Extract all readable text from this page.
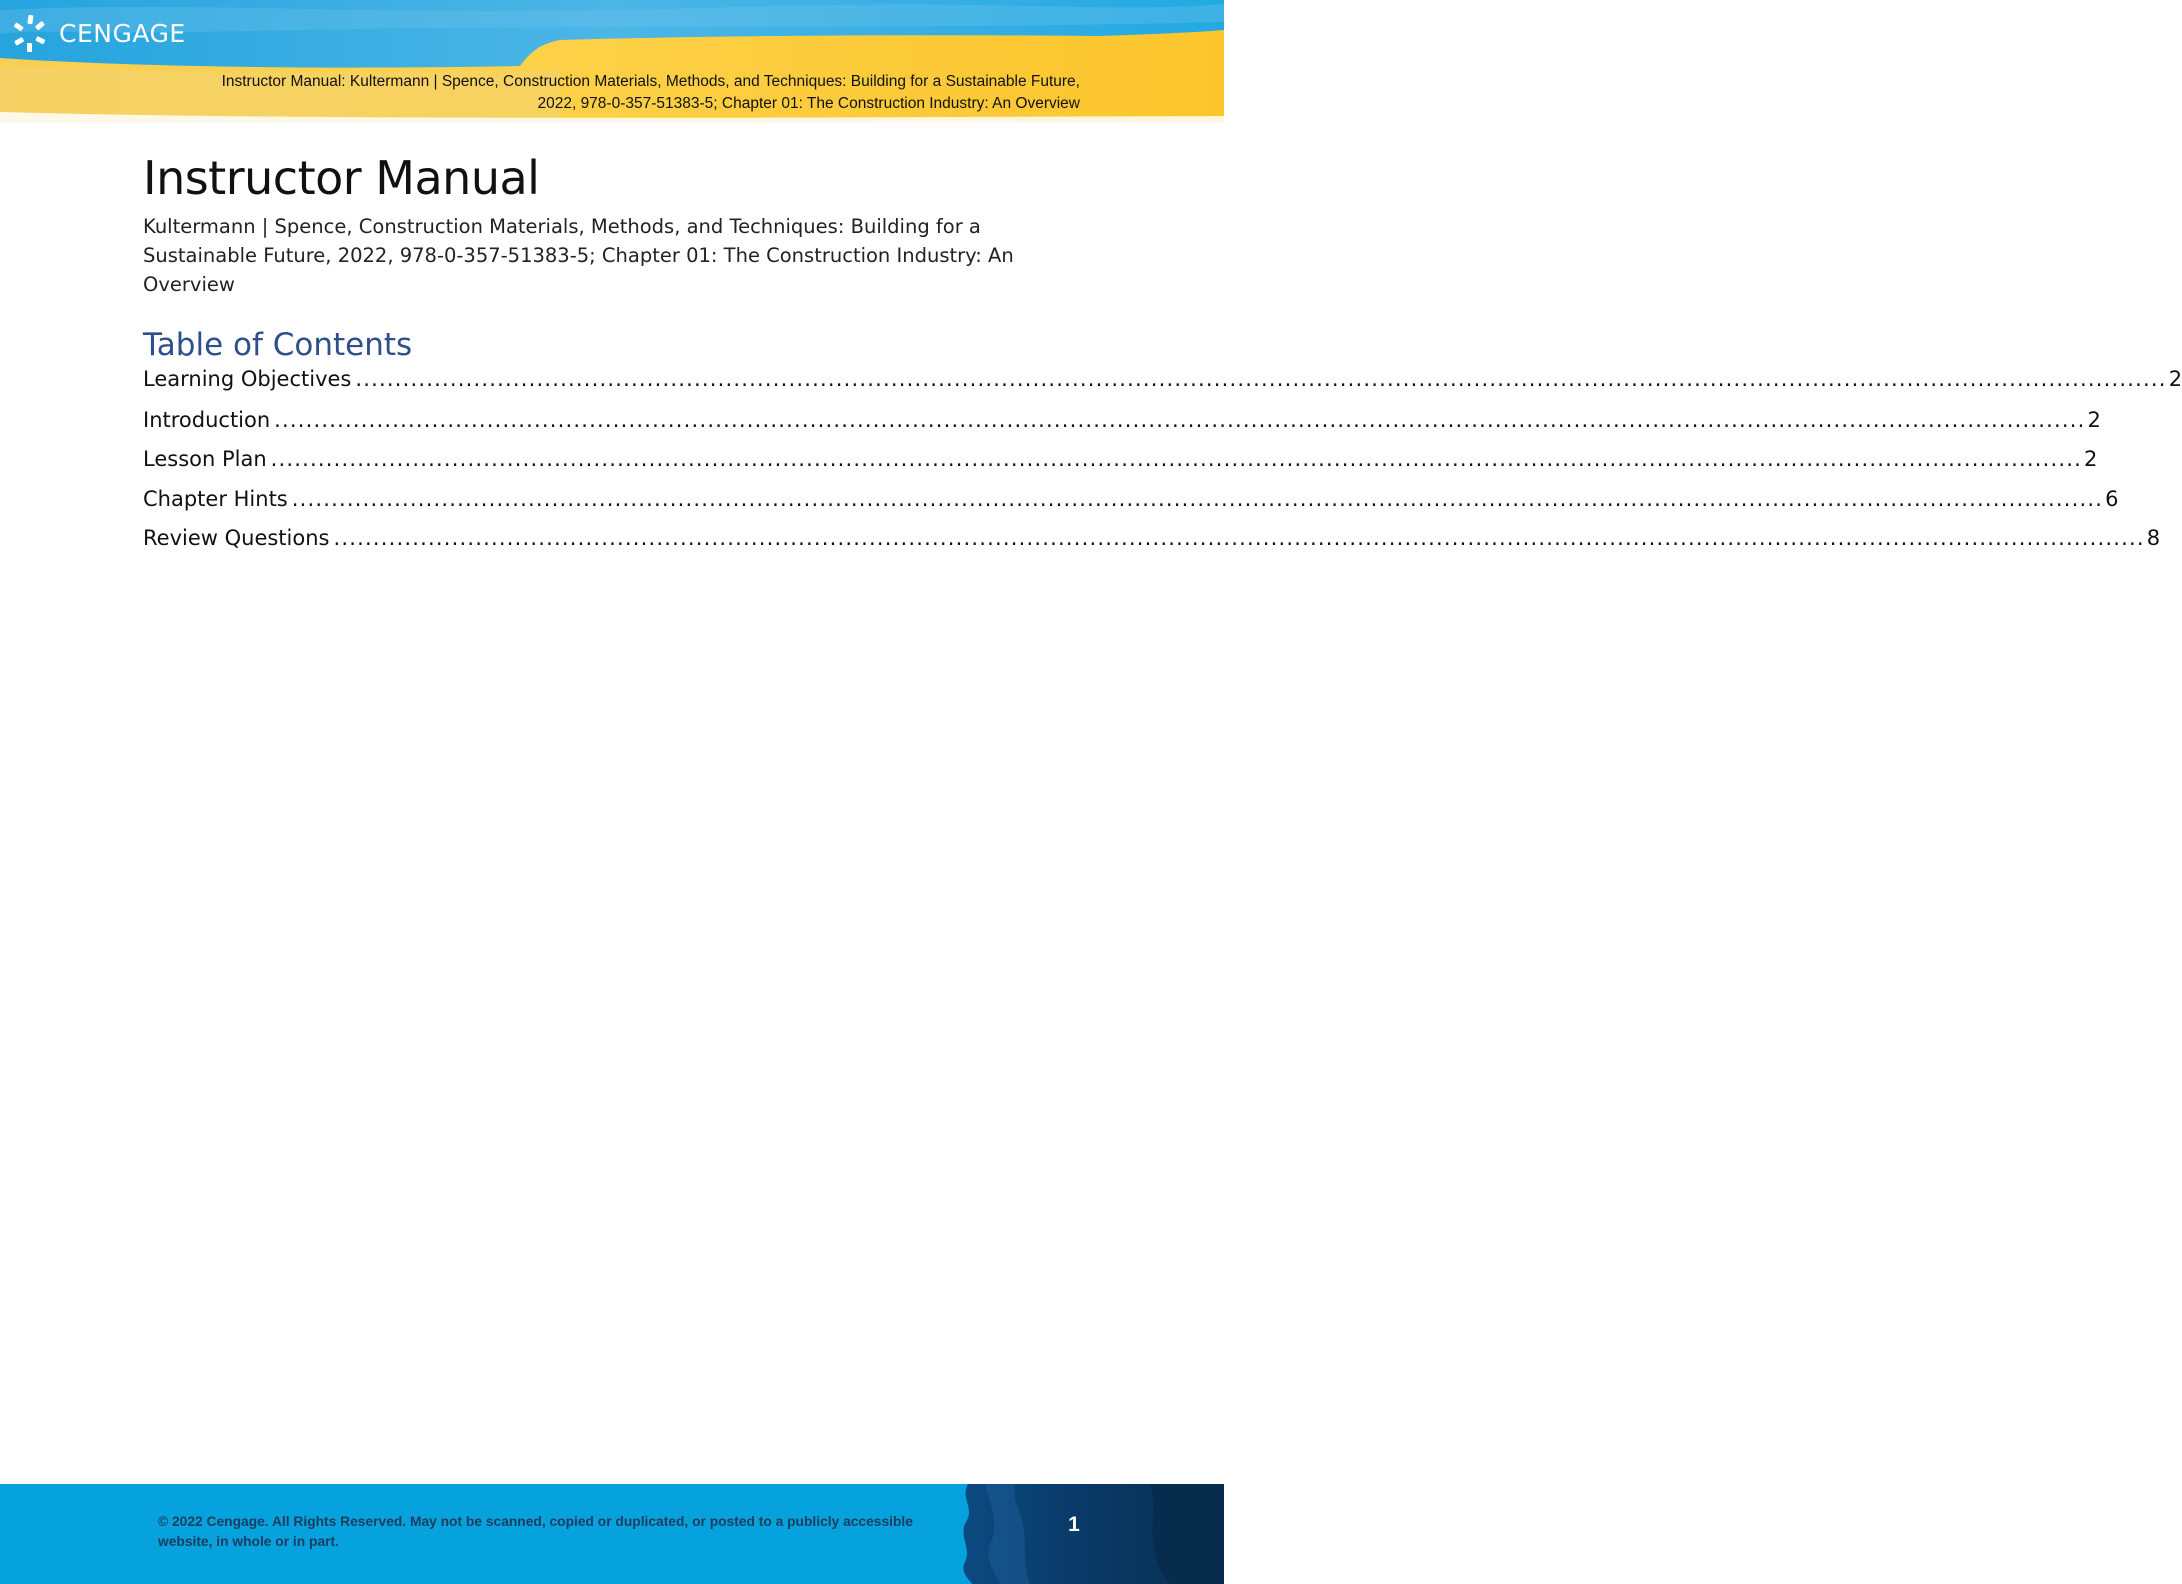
CENGAGE
Instructor Manual: Kultermann | Spence, Construction Materials, Methods, and Techniques: Building for a Sustainable Future,
2022, 978-0-357-51383-5; Chapter 01: The Construction Industry: An Overview
Instructor Manual

Kultermann | Spence, Construction Materials, Methods, and Techniques: Building for a Sustainable Future, 2022, 978-0-357-51383-5; Chapter 01: The Construction Industry: An Overview

Table of Contents
Learning Objectives ...................................................................................................................................................................................................................................... 2
Introduction ...................................................................................................................................................................................................................................... 2
Lesson Plan ...................................................................................................................................................................................................................................... 2
Chapter Hints ...................................................................................................................................................................................................................................... 6
Review Questions ...................................................................................................................................................................................................................................... 8
© 2022 Cengage. All Rights Reserved. May not be scanned, copied or duplicated, or posted to a publicly accessible website, in whole or in part.
1
